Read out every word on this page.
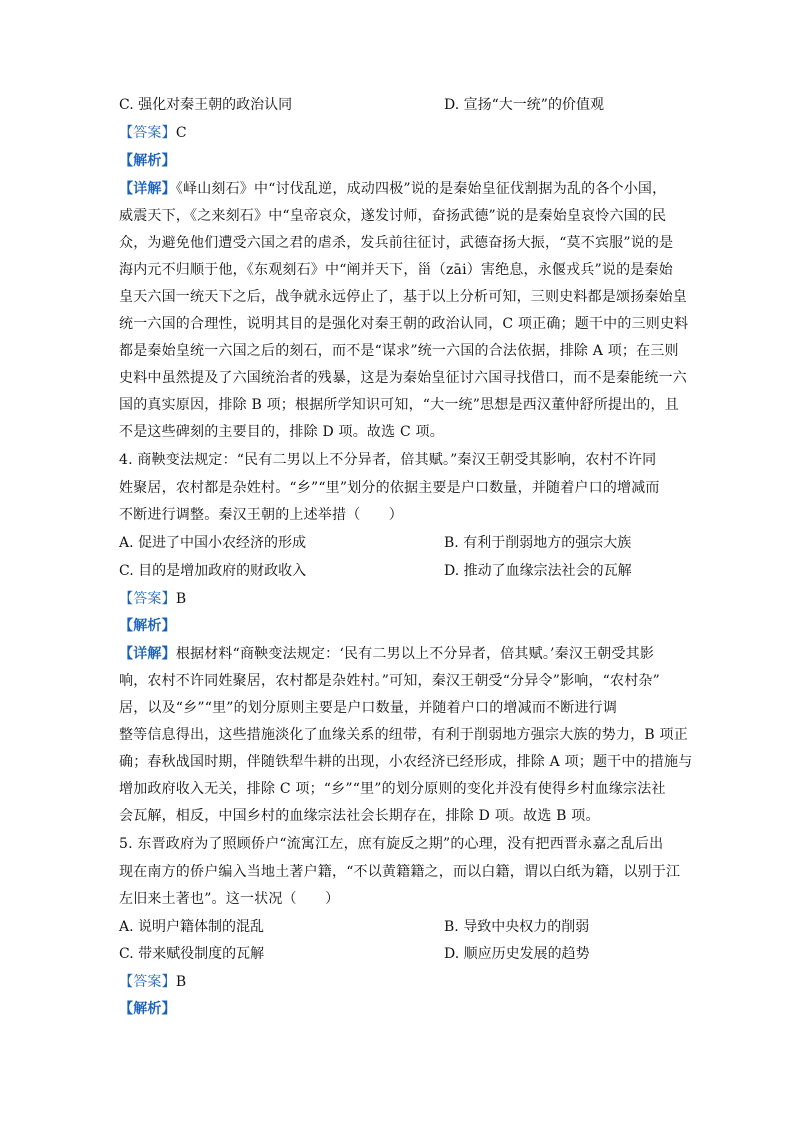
C. 强化对秦王朝的政治认同	D. 宣扬“大一统”的价值观
【答案】C
【解析】
【详解】《峄山刻石》中“讨伐乱逆，成动四极”说的是秦始皇征伐割据为乱的各个小国，
威震天下，《之来刻石》中“皇帝哀众，遂发讨师，奋扬武德”说的是秦始皇哀怜六国的民
众，为避免他们遭受六国之君的虐杀，发兵前往征讨，武德奋扬大振，“莫不宾服”说的是
海内元不归顺于他，《东观刻石》中“阐并天下，甾（zāi）害绝息，永偃戎兵”说的是秦始
皇天六国一统天下之后，战争就永远停止了，基于以上分析可知，三则史料都是颂扬秦始皇
统一六国的合理性，说明其目的是强化对秦王朝的政治认同，C 项正确；题干中的三则史料
都是秦始皇统一六国之后的刻石，而不是“谋求”统一六国的合法依据，排除 A 项；在三则
史料中虽然提及了六国统治者的残暴，这是为秦始皇征讨六国寻找借口，而不是秦能统一六
国的真实原因，排除 B 项；根据所学知识可知，“大一统”思想是西汉董仲舒所提出的，且
不是这些碑刻的主要目的，排除 D 项。故选 C 项。
4. 商鞅变法规定：“民有二男以上不分异者，倍其赋。”秦汉王朝受其影响，农村不许同
姓聚居，农村都是杂姓村。“乡”“里”划分的依据主要是户口数量，并随着户口的增减而
不断进行调整。秦汉王朝的上述举措（　　）
A. 促进了中国小农经济的形成	B. 有利于削弱地方的强宗大族
C. 目的是增加政府的财政收入	D. 推动了血缘宗法社会的瓦解
【答案】B
【解析】
【详解】根据材料“商鞅变法规定：‘民有二男以上不分异者，倍其赋。’秦汉王朝受其影
响，农村不许同姓聚居，农村都是杂姓村。”可知，秦汉王朝受“分异令”影响，“农村杂”
居，以及“乡”“里”的划分原则主要是户口数量，并随着户口的增减而不断进行调
整等信息得出，这些措施淡化了血缘关系的纽带，有利于削弱地方强宗大族的势力，B 项正
确；春秋战国时期，伴随铁犁牛耕的出现，小农经济已经形成，排除 A 项；题干中的措施与
增加政府收入无关，排除 C 项；“乡”“里”的划分原则的变化并没有使得乡村血缘宗法社
会瓦解，相反，中国乡村的血缘宗法社会长期存在，排除 D 项。故选 B 项。
5. 东晋政府为了照顾侨户“流寓江左，庶有旋反之期”的心理，没有把西晋永嘉之乱后出
现在南方的侨户编入当地土著户籍，“不以黄籍籍之，而以白籍，谓以白纸为籍，以别于江
左旧来土著也”。这一状况（　　）
A. 说明户籍体制的混乱	B. 导致中央权力的削弱
C. 带来赋役制度的瓦解	D. 顺应历史发展的趋势
【答案】B
【解析】
